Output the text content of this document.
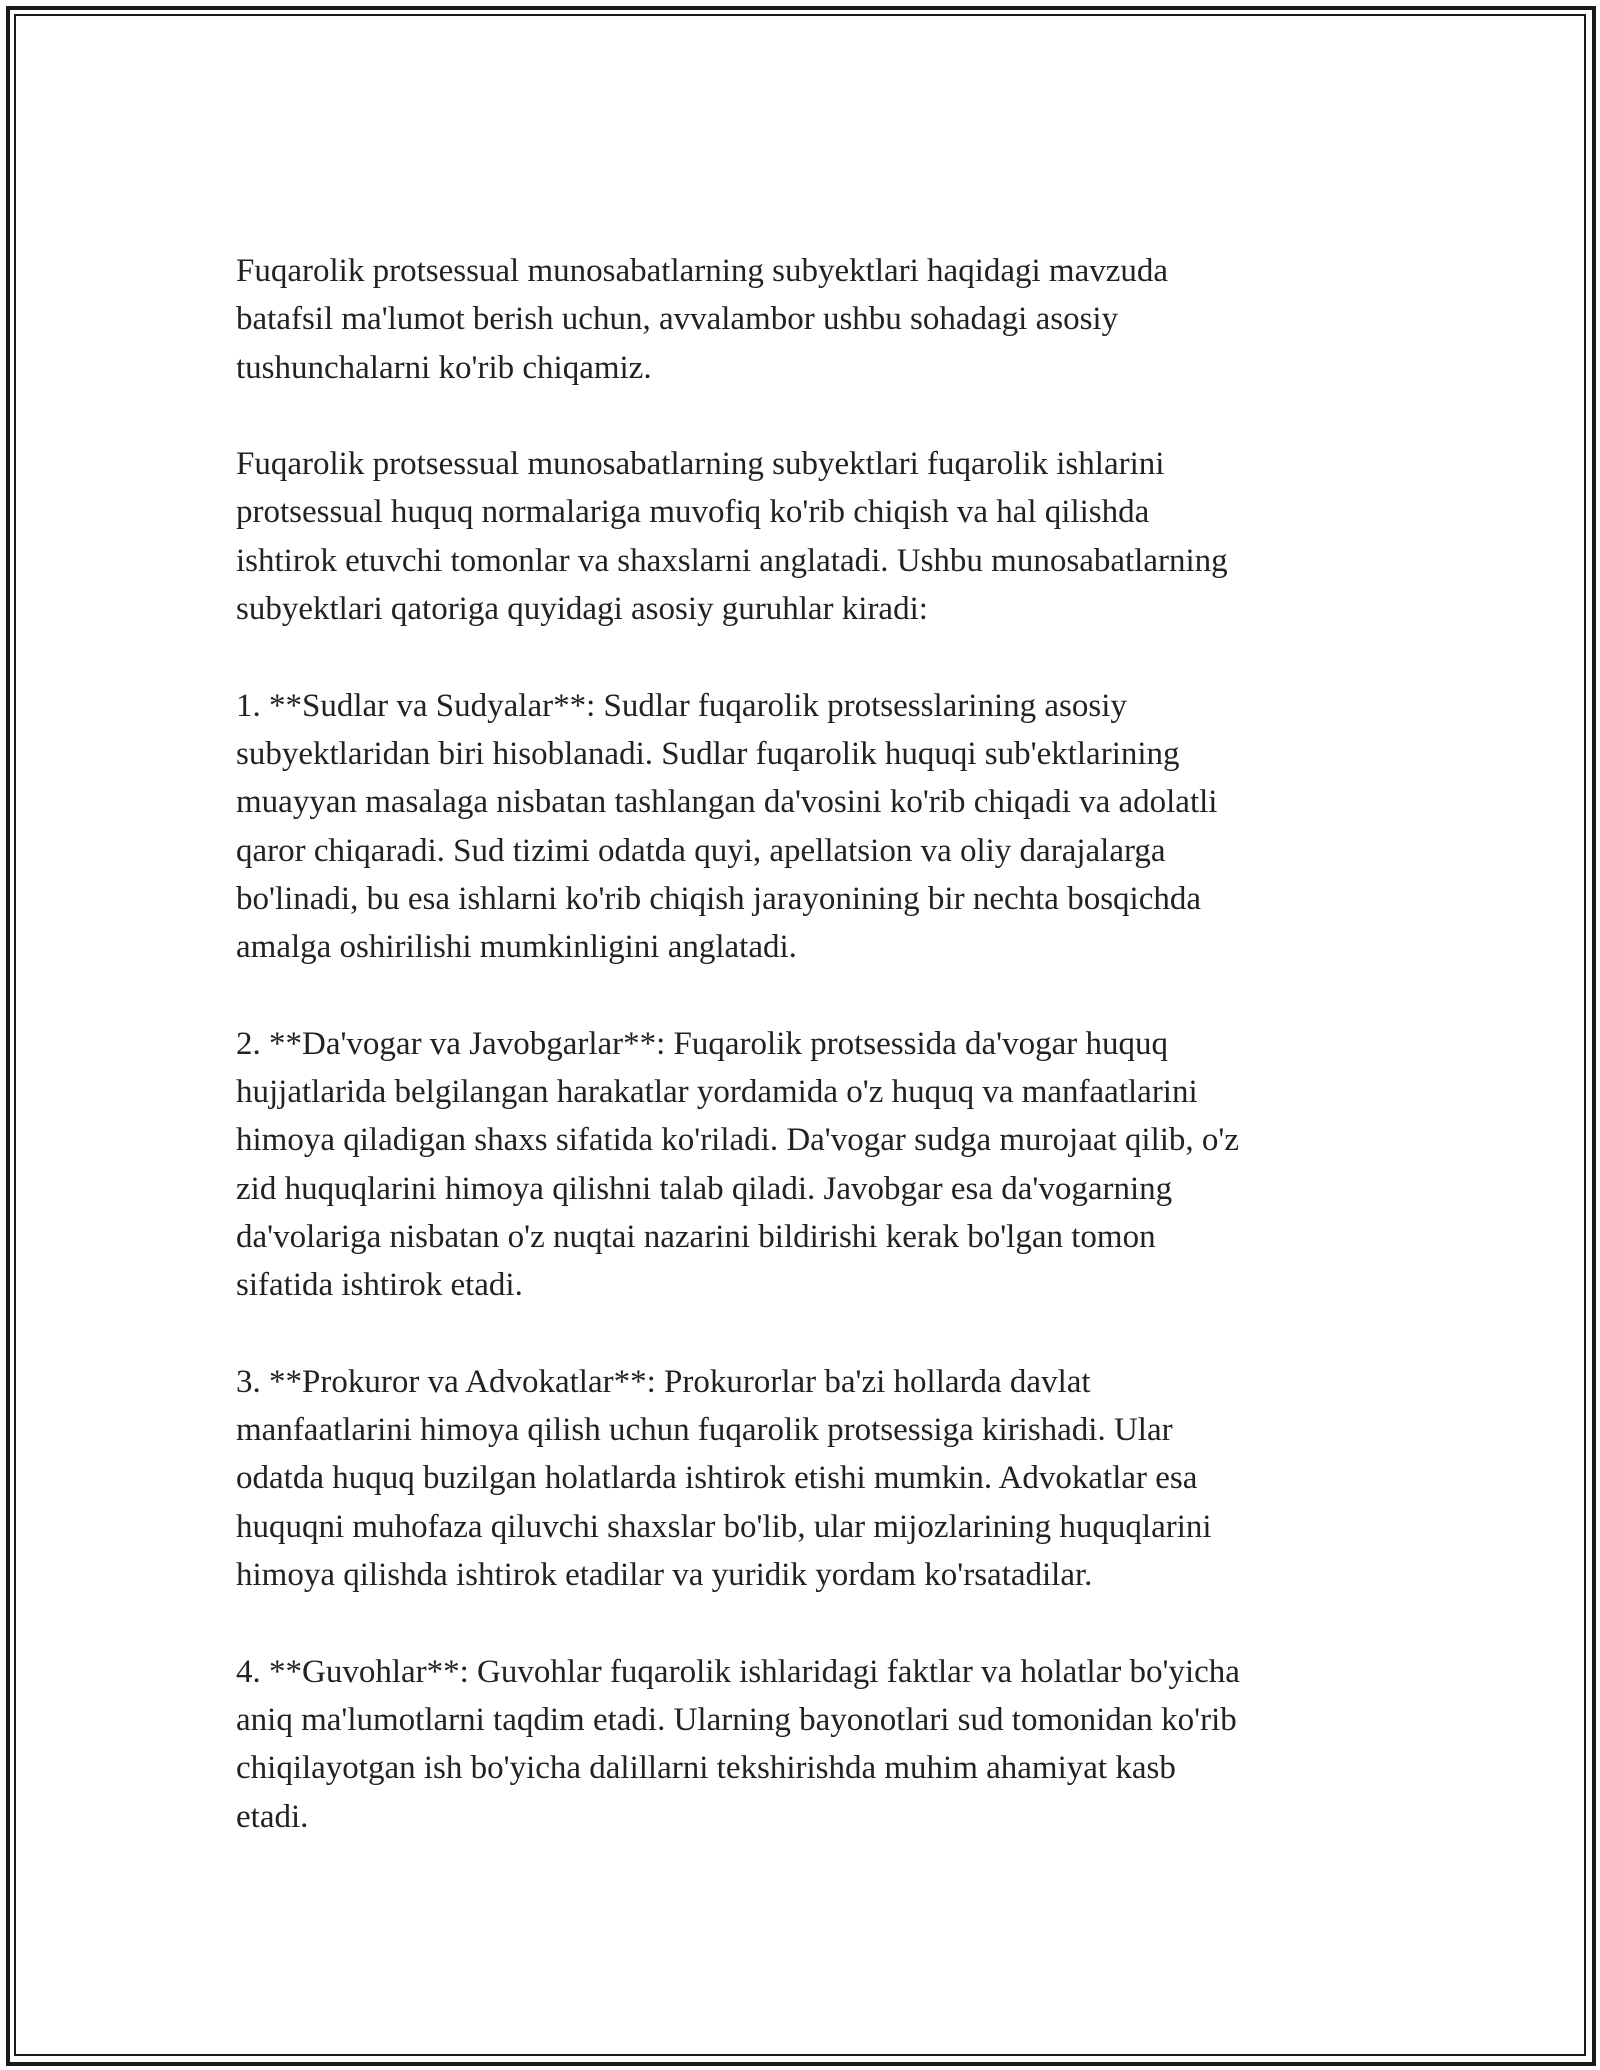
Fuqarolik protsessual munosabatlarning subyektlari haqidagi mavzuda
batafsil ma'lumot berish uchun, avvalambor ushbu sohadagi asosiy
tushunchalarni ko'rib chiqamiz.

Fuqarolik protsessual munosabatlarning subyektlari fuqarolik ishlarini
protsessual huquq normalariga muvofiq ko'rib chiqish va hal qilishda
ishtirok etuvchi tomonlar va shaxslarni anglatadi. Ushbu munosabatlarning
subyektlari qatoriga quyidagi asosiy guruhlar kiradi:

1. **Sudlar va Sudyalar**: Sudlar fuqarolik protsesslarining asosiy
subyektlaridan biri hisoblanadi. Sudlar fuqarolik huquqi sub'ektlarining
muayyan masalaga nisbatan tashlangan da'vosini ko'rib chiqadi va adolatli
qaror chiqaradi. Sud tizimi odatda quyi, apellatsion va oliy darajalarga
bo'linadi, bu esa ishlarni ko'rib chiqish jarayonining bir nechta bosqichda
amalga oshirilishi mumkinligini anglatadi.

2. **Da'vogar va Javobgarlar**: Fuqarolik protsessida da'vogar huquq
hujjatlarida belgilangan harakatlar yordamida o'z huquq va manfaatlarini
himoya qiladigan shaxs sifatida ko'riladi. Da'vogar sudga murojaat qilib, o'z
zid huquqlarini himoya qilishni talab qiladi. Javobgar esa da'vogarning
da'volariga nisbatan o'z nuqtai nazarini bildirishi kerak bo'lgan tomon
sifatida ishtirok etadi.

3. **Prokuror va Advokatlar**: Prokurorlar ba'zi hollarda davlat
manfaatlarini himoya qilish uchun fuqarolik protsessiga kirishadi. Ular
odatda huquq buzilgan holatlarda ishtirok etishi mumkin. Advokatlar esa
huquqni muhofaza qiluvchi shaxslar bo'lib, ular mijozlarining huquqlarini
himoya qilishda ishtirok etadilar va yuridik yordam ko'rsatadilar.

4. **Guvohlar**: Guvohlar fuqarolik ishlaridagi faktlar va holatlar bo'yicha
aniq ma'lumotlarni taqdim etadi. Ularning bayonotlari sud tomonidan ko'rib
chiqilayotgan ish bo'yicha dalillarni tekshirishda muhim ahamiyat kasb
etadi.
